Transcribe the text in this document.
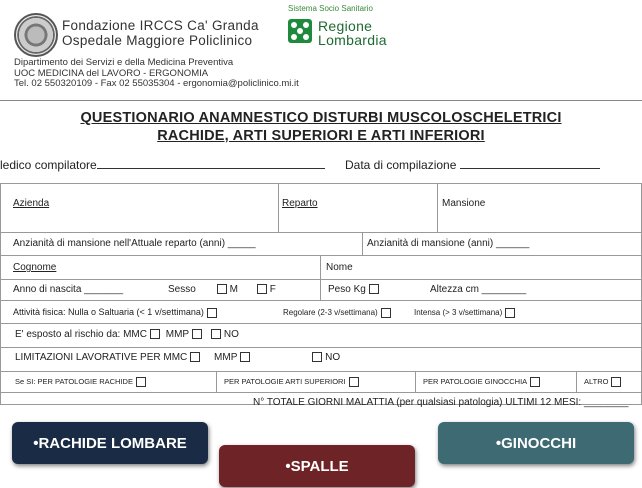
Fondazione IRCCS Ca' Granda
Ospedale Maggiore Policlinico
Dipartimento dei Servizi e della Medicina Preventiva
UOC MEDICINA del LAVORO - ERGONOMIA
Tel. 02 550320109 - Fax 02 55035304 - ergonomia@policlinico.mi.it
Sistema Socio Sanitario
Regione
Lombardia
QUESTIONARIO ANAMNESTICO DISTURBI MUSCOLOSCHELETRICI
RACHIDE, ARTI SUPERIORI E ARTI INFERIORI
ledico compilatore	Data di compilazione
Azienda	Reparto	Mansione
Anzianità di mansione nell'Attuale reparto (anni) _____	Anzianità di mansione (anni) ______
Cognome	Nome
Anno di nascita _______	Sesso	M	F	Peso Kg	Altezza cm ________
Attività fisica: Nulla o Saltuaria (< 1 v/settimana)	Regolare (2-3 v/settimana)	Intensa (> 3 v/settimana)
E' esposto al rischio da: MMC MMP	NO
LIMITAZIONI LAVORATIVE PER MMC	MMP	NO
Se SI: PER PATOLOGIE RACHIDE	PER PATOLOGIE ARTI SUPERIORI	PER PATOLOGIE GINOCCHIA	ALTRO
N° TOTALE GIORNI MALATTIA (per qualsiasi patologia) ULTIMI 12 MESI: ________
•RACHIDE LOMBARE
•SPALLE
•GINOCCHI
